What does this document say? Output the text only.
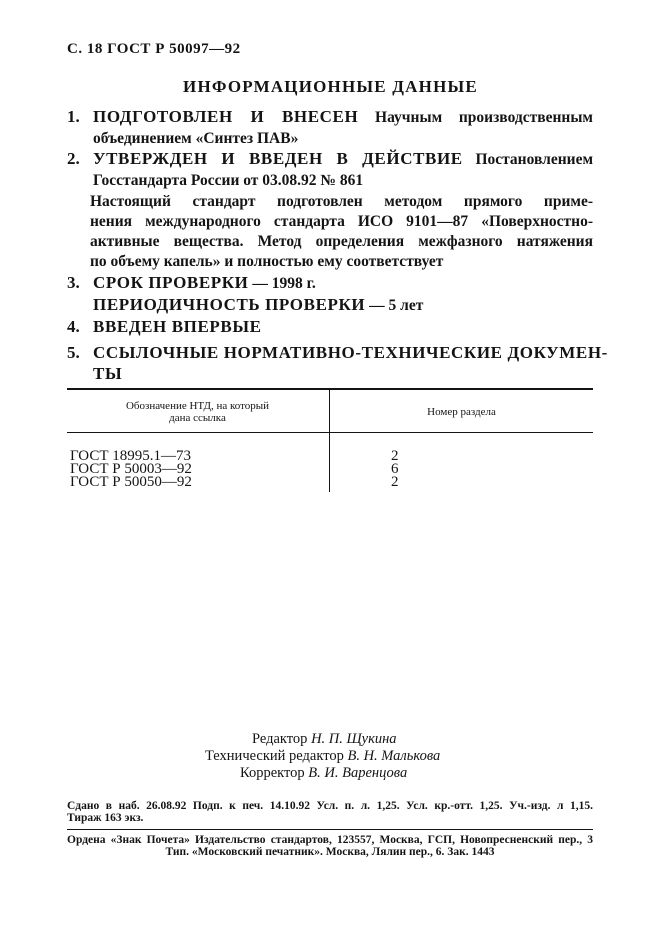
С. 18 ГОСТ Р 50097—92
ИНФОРМАЦИОННЫЕ ДАННЫЕ
1. ПОДГОТОВЛЕН И ВНЕСЕН Научным производственным
объединением «Синтез ПАВ»
2. УТВЕРЖДЕН И ВВЕДЕН В ДЕЙСТВИЕ Постановлением
Госстандарта России от 03.08.92 № 861
Настоящий стандарт подготовлен методом прямого приме-
нения международного стандарта ИСО 9101—87 «Поверхностно-
активные вещества. Метод определения межфазного натяжения
по объему капель» и полностью ему соответствует
3. СРОК ПРОВЕРКИ — 1998 г.
ПЕРИОДИЧНОСТЬ ПРОВЕРКИ — 5 лет
4. ВВЕДЕН ВПЕРВЫЕ
5. ССЫЛОЧНЫЕ НОРМАТИВНО-ТЕХНИЧЕСКИЕ ДОКУМЕН-
ТЫ
Обозначение НТД, на который
дана ссылка	Номер раздела
ГОСТ 18995.1—73	2
ГОСТ Р 50003—92	6
ГОСТ Р 50050—92	2
Редактор Н. П. Щукина
Технический редактор В. Н. Малькова
Корректор В. И. Варенцова
Сдано в наб. 26.08.92 Подп. к печ. 14.10.92 Усл. п. л. 1,25. Усл. кр.-отт. 1,25. Уч.-изд. л 1,15.
Тираж 163 экз.
Ордена «Знак Почета» Издательство стандартов, 123557, Москва, ГСП, Новопресненский пер., 3
Тип. «Московский печатник». Москва, Лялин пер., 6. Зак. 1443
